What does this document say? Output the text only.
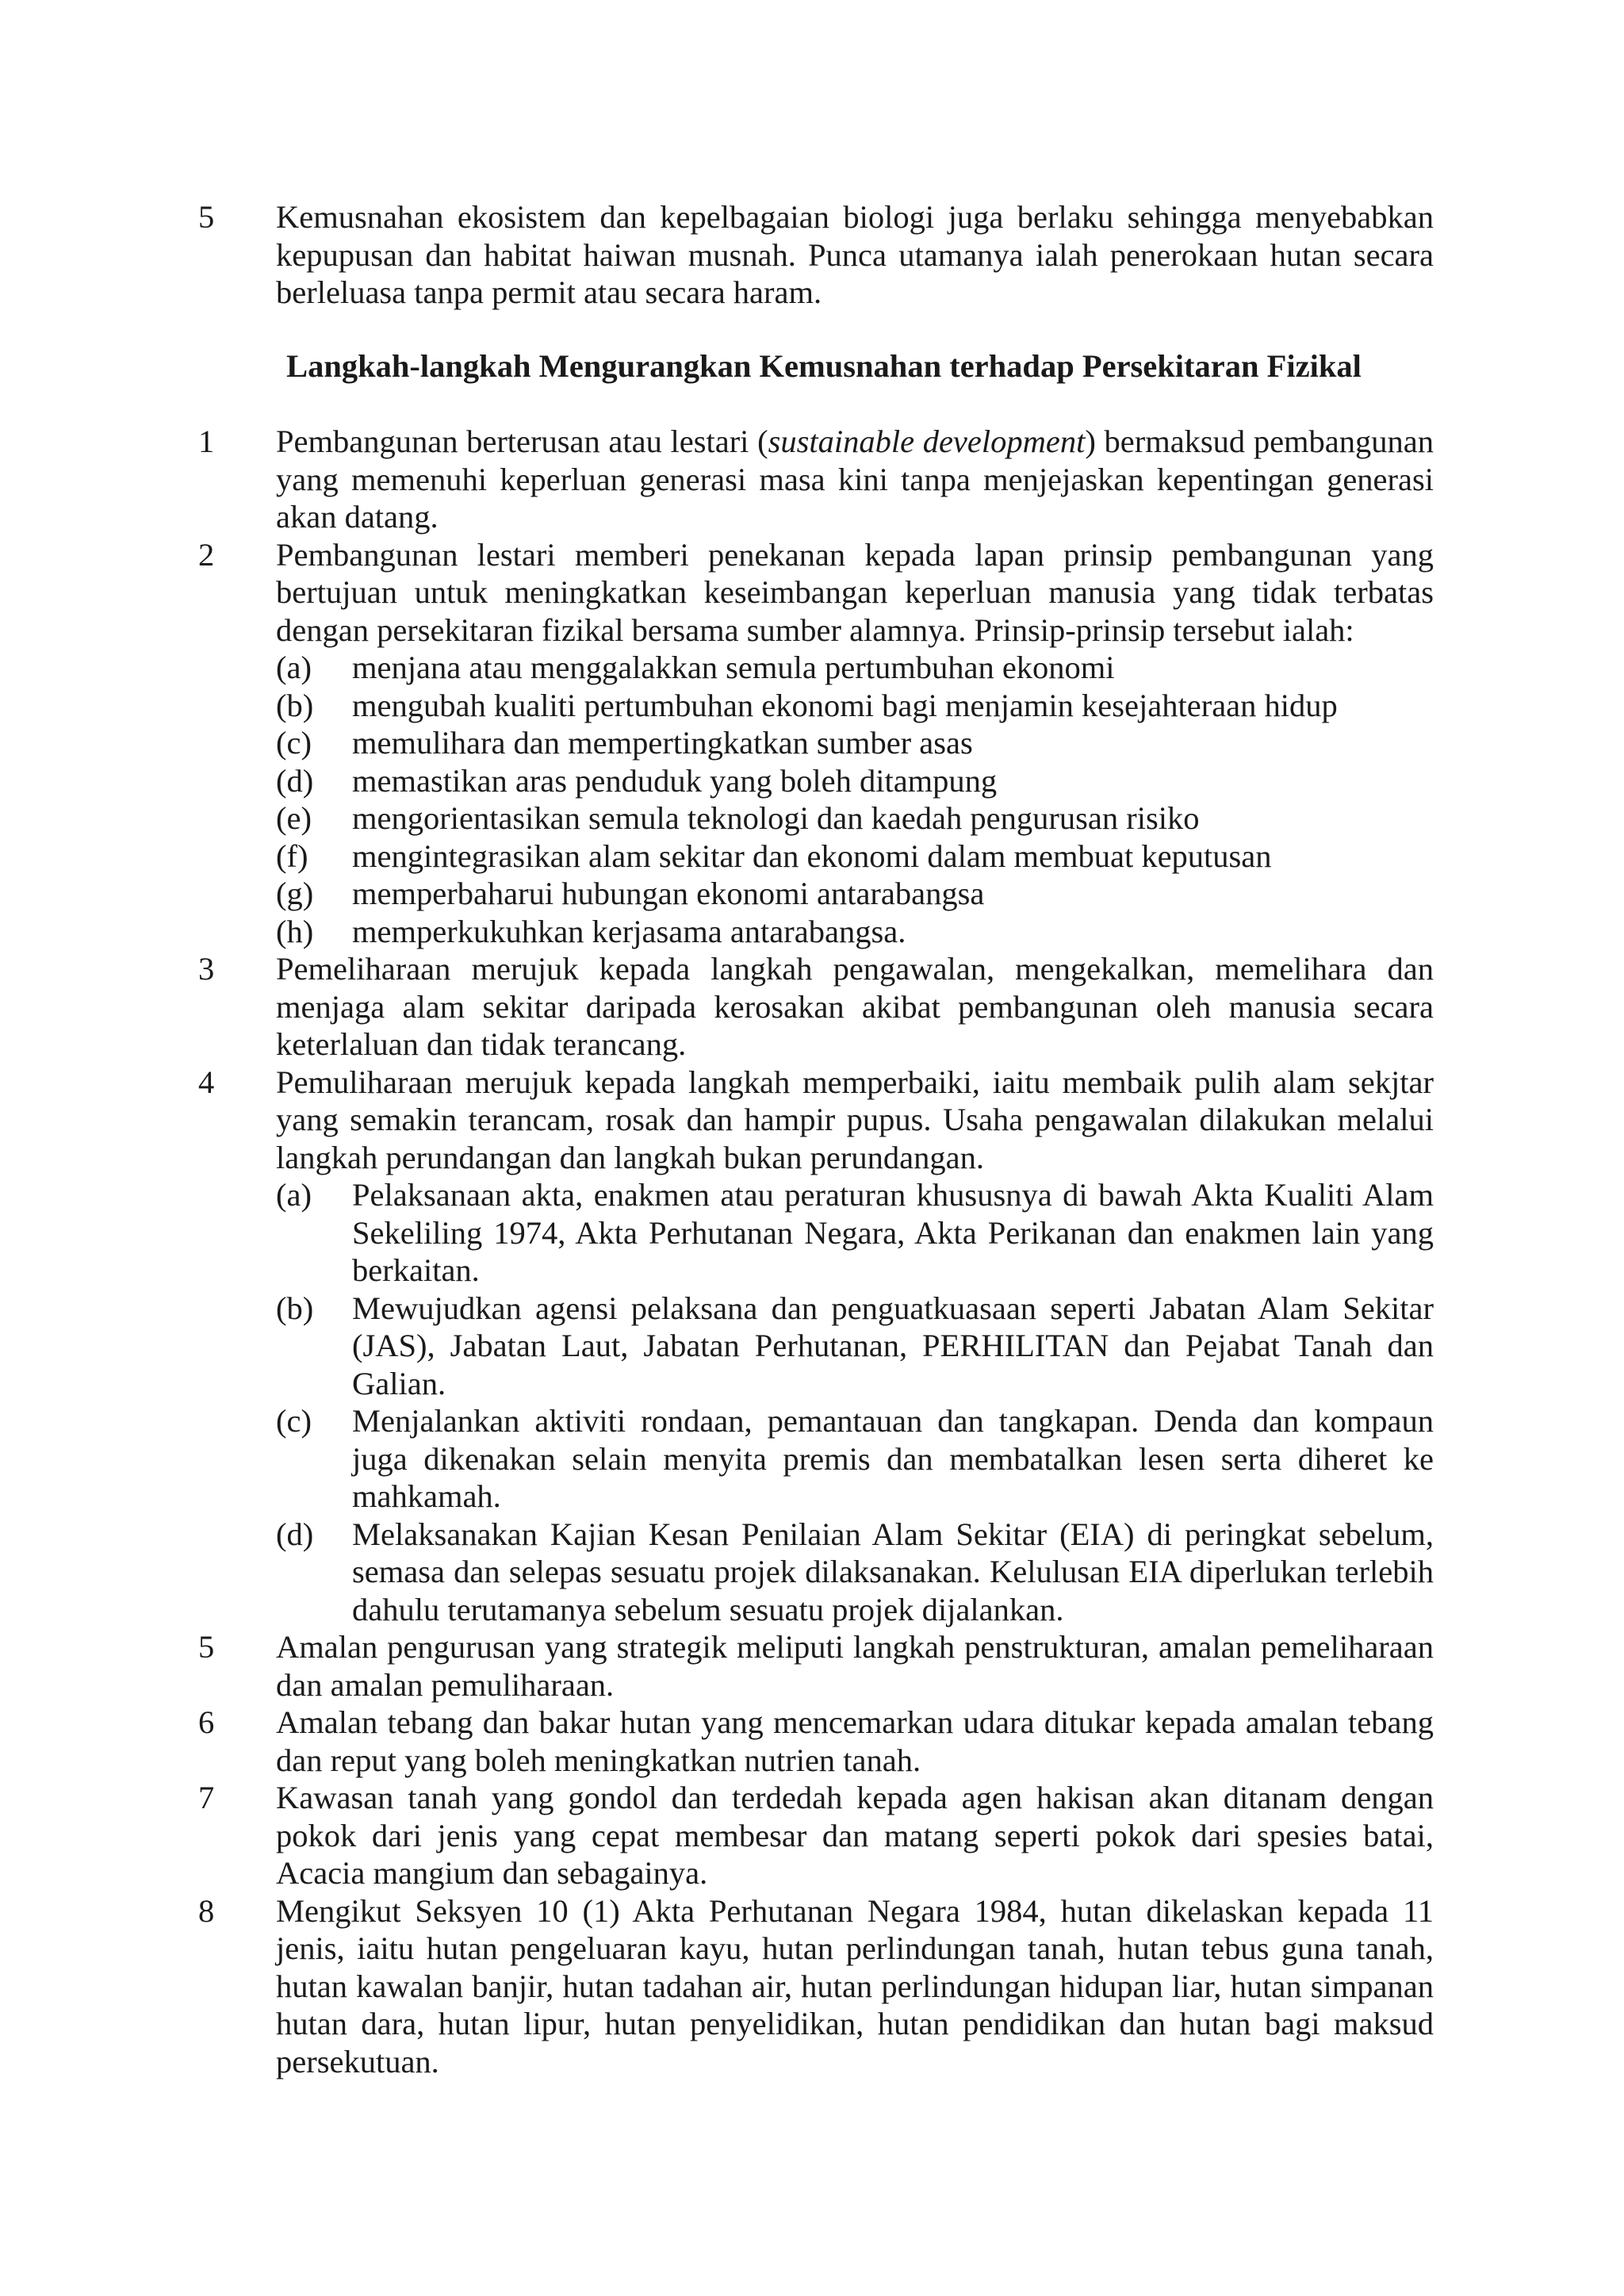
5 Kemusnahan ekosistem dan kepelbagaian biologi juga berlaku sehingga menyebabkan kepupusan dan habitat haiwan musnah. Punca utamanya ialah penerokaan hutan secara berleluasa tanpa permit atau secara haram.
Langkah-langkah Mengurangkan Kemusnahan terhadap Persekitaran Fizikal
1 Pembangunan berterusan atau lestari (sustainable development) bermaksud pembangunan yang memenuhi keperluan generasi masa kini tanpa menjejaskan kepentingan generasi akan datang.
2 Pembangunan lestari memberi penekanan kepada lapan prinsip pembangunan yang bertujuan untuk meningkatkan keseimbangan keperluan manusia yang tidak terbatas dengan persekitaran fizikal bersama sumber alamnya. Prinsip-prinsip tersebut ialah:
(a) menjana atau menggalakkan semula pertumbuhan ekonomi
(b) mengubah kualiti pertumbuhan ekonomi bagi menjamin kesejahteraan hidup
(c) memulihara dan mempertingkatkan sumber asas
(d) memastikan aras penduduk yang boleh ditampung
(e) mengorientasikan semula teknologi dan kaedah pengurusan risiko
(f) mengintegrasikan alam sekitar dan ekonomi dalam membuat keputusan
(g) memperbaharui hubungan ekonomi antarabangsa
(h) memperkukuhkan kerjasama antarabangsa.
3 Pemeliharaan merujuk kepada langkah pengawalan, mengekalkan, memelihara dan menjaga alam sekitar daripada kerosakan akibat pembangunan oleh manusia secara keterlaluan dan tidak terancang.
4 Pemuliharaan merujuk kepada langkah memperbaiki, iaitu membaik pulih alam sekjtar yang semakin terancam, rosak dan hampir pupus. Usaha pengawalan dilakukan melalui langkah perundangan dan langkah bukan perundangan.
(a) Pelaksanaan akta, enakmen atau peraturan khususnya di bawah Akta Kualiti Alam Sekeliling 1974, Akta Perhutanan Negara, Akta Perikanan dan enakmen lain yang berkaitan.
(b) Mewujudkan agensi pelaksana dan penguatkuasaan seperti Jabatan Alam Sekitar (JAS), Jabatan Laut, Jabatan Perhutanan, PERHILITAN dan Pejabat Tanah dan Galian.
(c) Menjalankan aktiviti rondaan, pemantauan dan tangkapan. Denda dan kompaun juga dikenakan selain menyita premis dan membatalkan lesen serta diheret ke mahkamah.
(d) Melaksanakan Kajian Kesan Penilaian Alam Sekitar (EIA) di peringkat sebelum, semasa dan selepas sesuatu projek dilaksanakan. Kelulusan EIA diperlukan terlebih dahulu terutamanya sebelum sesuatu projek dijalankan.
5 Amalan pengurusan yang strategik meliputi langkah penstrukturan, amalan pemeliharaan dan amalan pemuliharaan.
6 Amalan tebang dan bakar hutan yang mencemarkan udara ditukar kepada amalan tebang dan reput yang boleh meningkatkan nutrien tanah.
7 Kawasan tanah yang gondol dan terdedah kepada agen hakisan akan ditanam dengan pokok dari jenis yang cepat membesar dan matang seperti pokok dari spesies batai, Acacia mangium dan sebagainya.
8 Mengikut Seksyen 10 (1) Akta Perhutanan Negara 1984, hutan dikelaskan kepada 11 jenis, iaitu hutan pengeluaran kayu, hutan perlindungan tanah, hutan tebus guna tanah, hutan kawalan banjir, hutan tadahan air, hutan perlindungan hidupan liar, hutan simpanan hutan dara, hutan lipur, hutan penyelidikan, hutan pendidikan dan hutan bagi maksud persekutuan.
